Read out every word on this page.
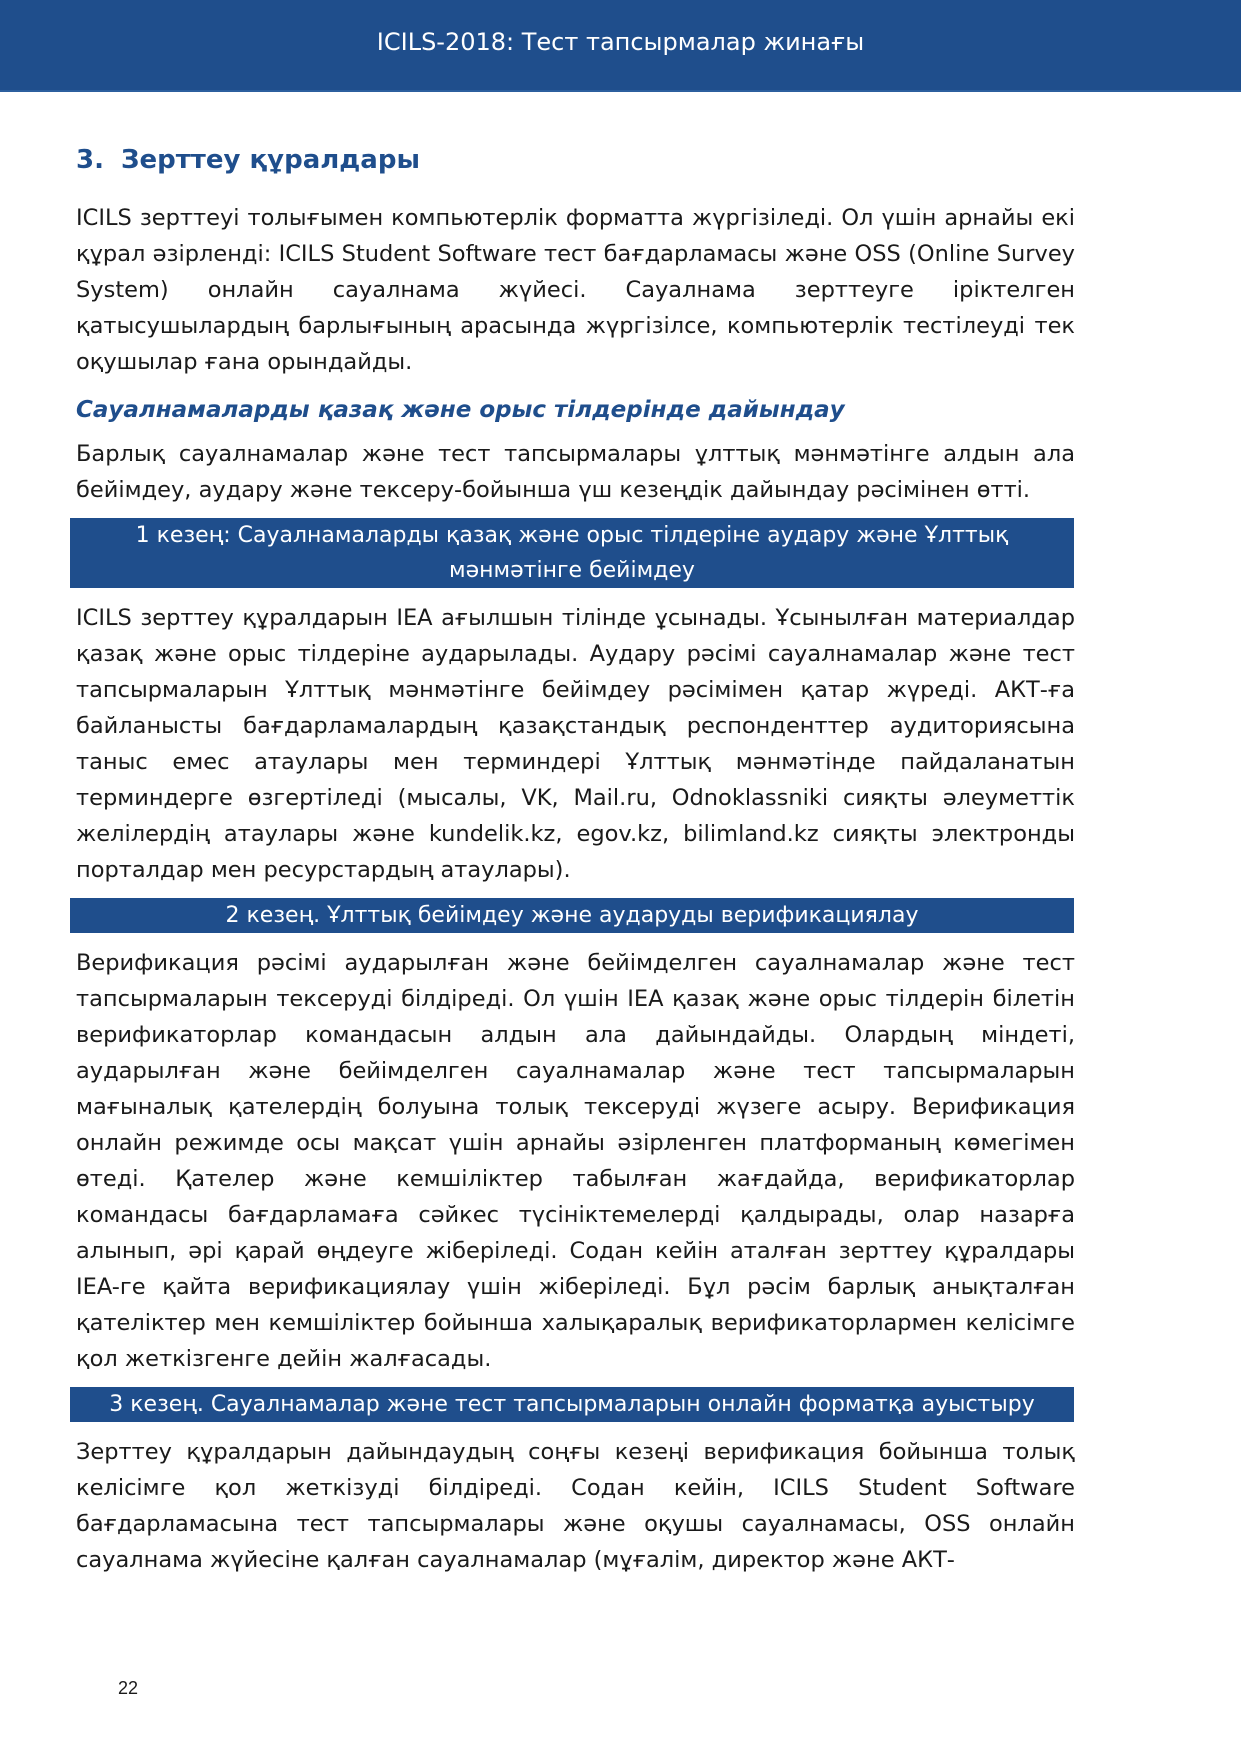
ICILS-2018: Тест тапсырмалар жинағы
3. Зерттеу құралдары

ICILS зерттеуі толығымен компьютерлік форматта жүргізіледі. Ол үшін арнайы екі құрал әзірленді: ICILS Student Software тест бағдарламасы және OSS (Online Survey System) онлайн сауалнама жүйесі. Сауалнама зерттеуге іріктелген қатысушылардың барлығының арасында жүргізілсе, компьютерлік тестілеуді тек оқушылар ғана орындайды.

Сауалнамаларды қазақ және орыс тілдерінде дайындау

Барлық сауалнамалар және тест тапсырмалары ұлттық мәнмәтінге алдын ала бейімдеу, аудару және тексеру-бойынша үш кезеңдік дайындау рәсімінен өтті.

1 кезең: Сауалнамаларды қазақ және орыс тілдеріне аудару және Ұлттық мәнмәтінге бейімдеу

ICILS зерттеу құралдарын IEA ағылшын тілінде ұсынады. Ұсынылған материалдар қазақ және орыс тілдеріне аударылады. Аудару рәсімі сауалнамалар және тест тапсырмаларын Ұлттық мәнмәтінге бейімдеу рәсімімен қатар жүреді. АКТ-ға байланысты бағдарламалардың қазақстандық респонденттер аудиториясына таныс емес атаулары мен терминдері Ұлттық мәнмәтінде пайдаланатын терминдерге өзгертіледі (мысалы, VK, Mail.ru, Odnoklassniki сияқты әлеуметтік желілердің атаулары және kundelik.kz, egov.kz, bilimland.kz сияқты электронды порталдар мен ресурстардың атаулары).

2 кезең. Ұлттық бейімдеу және аударуды верификациялау

Верификация рәсімі аударылған және бейімделген сауалнамалар және тест тапсырмаларын тексеруді білдіреді. Ол үшін IEA қазақ және орыс тілдерін білетін верификаторлар командасын алдын ала дайындайды. Олардың міндеті, аударылған және бейімделген сауалнамалар және тест тапсырмаларын мағыналық қателердің болуына толық тексеруді жүзеге асыру. Верификация онлайн режимде осы мақсат үшін арнайы әзірленген платформаның көмегімен өтеді. Қателер және кемшіліктер табылған жағдайда, верификаторлар командасы бағдарламаға сәйкес түсініктемелерді қалдырады, олар назарға алынып, әрі қарай өңдеуге жіберіледі. Содан кейін аталған зерттеу құралдары IEA-ге қайта верификациялау үшін жіберіледі. Бұл рәсім барлық анықталған қателіктер мен кемшіліктер бойынша халықаралық верификаторлармен келісімге қол жеткізгенге дейін жалғасады.

3 кезең. Сауалнамалар және тест тапсырмаларын онлайн форматқа ауыстыру

Зерттеу құралдарын дайындаудың соңғы кезеңі верификация бойынша толық келісімге қол жеткізуді білдіреді. Содан кейін, ICILS Student Software бағдарламасына тест тапсырмалары және оқушы сауалнамасы, OSS онлайн сауалнама жүйесіне қалған сауалнамалар (мұғалім, директор және АКТ-

22
